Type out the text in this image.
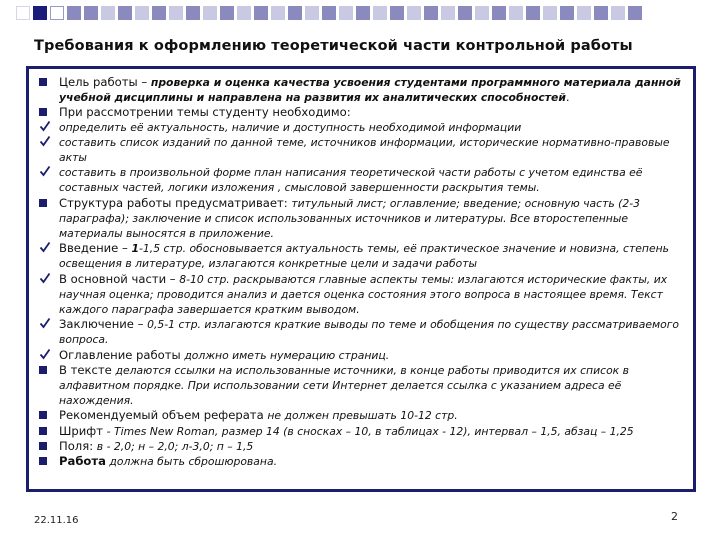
Требования к оформлению теоретической части контрольной работы

Цель работы – проверка и оценка качества усвоения студентами программного материала данной учебной дисциплины и направлена на развития их аналитических способностей.

При рассмотрении темы студенту необходимо:

определить её актуальность, наличие и доступность необходимой информации

составить список изданий по данной теме, источников информации, исторические нормативно-правовые акты

составить в произвольной форме план написания теоретической части работы с учетом единства её составных частей, логики изложения , смысловой завершенности раскрытия темы.

Структура работы предусматривает: титульный лист; оглавление; введение; основную часть (2-3 параграфа); заключение и список использованных источников и литературы. Все второстепенные материалы выносятся в приложение.

Введение – 1-1,5 стр. обосновывается актуальность темы, её практическое значение и новизна, степень освещения в литературе, излагаются конкретные цели и задачи работы

В основной части – 8-10 стр. раскрываются главные аспекты темы: излагаются исторические факты, их научная оценка; проводится анализ и дается оценка состояния этого вопроса в настоящее время. Текст каждого параграфа завершается кратким выводом.

Заключение – 0,5-1 стр. излагаются краткие выводы по теме и обобщения по существу рассматриваемого вопроса.

Оглавление работы должно иметь нумерацию страниц.

В тексте делаются ссылки на использованные источники, в конце работы приводится их список в алфавитном порядке. При использовании сети Интернет делается ссылка с указанием адреса её нахождения.

Рекомендуемый объем реферата не должен превышать 10-12 стр.

Шрифт - Times New Roman, размер 14 (в сносках – 10, в таблицах - 12), интервал – 1,5, абзац – 1,25

Поля: в - 2,0; н – 2,0; л-3,0; п – 1,5

Работа должна быть сброшюрована.

22.11.16	2
